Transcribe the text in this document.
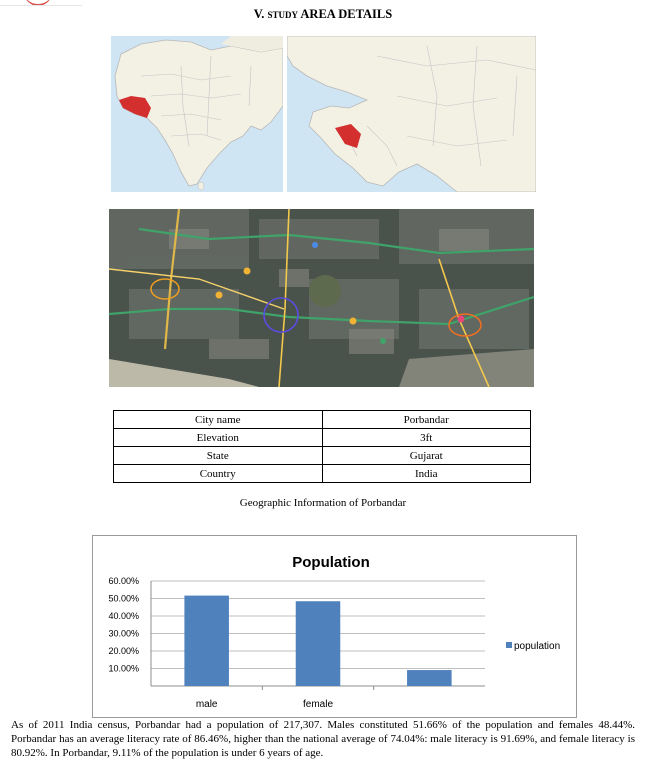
V. STUDY AREA DETAILS
City name	Porbandar
Elevation	3ft
State	Gujarat
Country	India
Geographic Information of Porbandar
Population
10.00%
20.00%
30.00%
40.00%
50.00%
60.00%
male	female
population
As of 2011 India census, Porbandar had a population of 217,307. Males constituted 51.66% of the population and females 48.44%. Porbandar has an average literacy rate of 86.46%, higher than the national average of 74.04%: male literacy is 91.69%, and female literacy is 80.92%. In Porbandar, 9.11% of the population is under 6 years of age.
